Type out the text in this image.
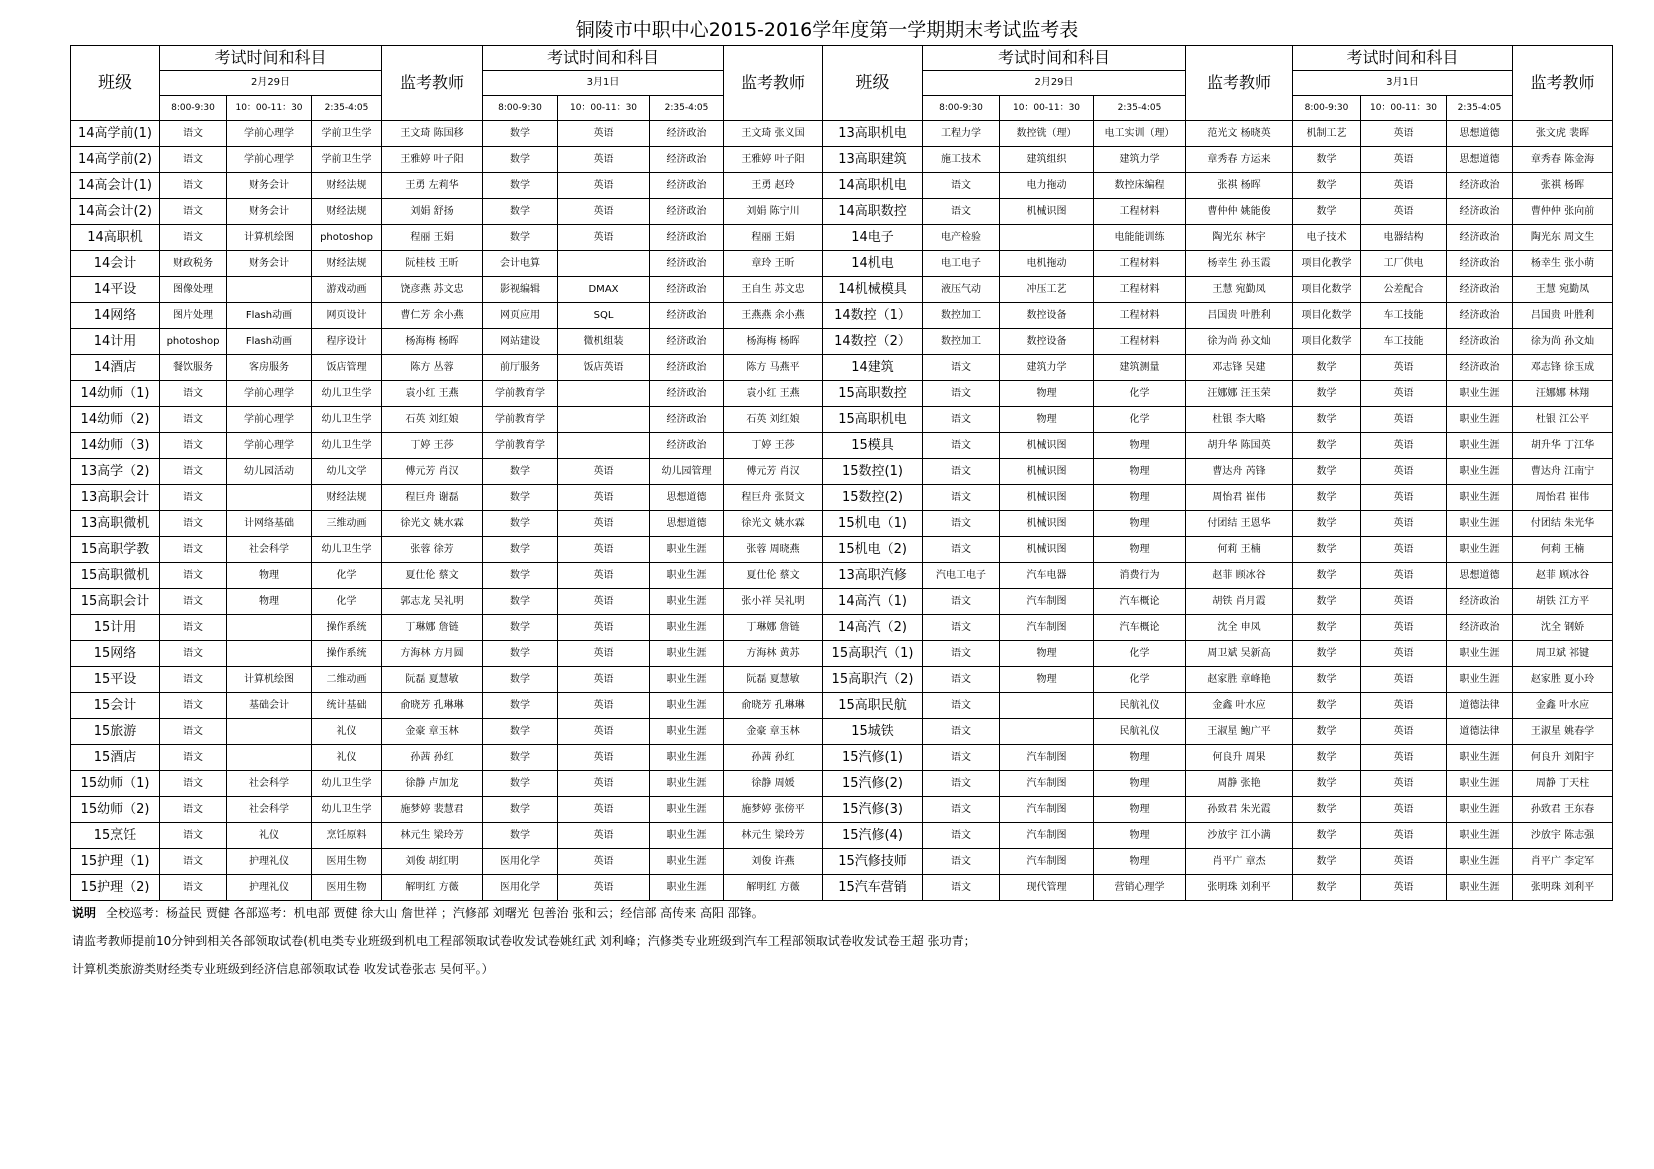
铜陵市中职中心2015-2016学年度第一学期期末考试监考表
班级	考试时间和科目			监考教师	考试时间和科目			监考教师	班级	考试时间和科目			监考教师	考试时间和科目			监考教师
	2月29日				3月1日					2月29日				3月1日			
	8:00-9:30	10：00-11：30	2:35-4:05		8:00-9:30	10：00-11：30	2:35-4:05			8:00-9:30	10：00-11：30	2:35-4:05		8:00-9:30	10：00-11：30	2:35-4:05	
14高学前(1)	语文	学前心理学	学前卫生学	王文琦 陈国移	数学	英语	经济政治	王文琦 张义国	13高职机电	工程力学	数控铣（理）	电工实训（理）	范光文 杨晓英	机制工艺	英语	思想道德	张文虎 裴晖
14高学前(2)	语文	学前心理学	学前卫生学	王雅婷 叶子阳	数学	英语	经济政治	王雅婷 叶子阳	13高职建筑	施工技术	建筑组织	建筑力学	章秀春 方运来	数学	英语	思想道德	章秀春 陈金海
14高会计(1)	语文	财务会计	财经法规	王勇 左莉华	数学	英语	经济政治	王勇 赵玲	14高职机电	语文	电力拖动	数控床编程	张祺 杨晖	数学	英语	经济政治	张祺 杨晖
14高会计(2)	语文	财务会计	财经法规	刘娟 舒扬	数学	英语	经济政治	刘娟 陈宁川	14高职数控	语文	机械识图	工程材料	曹仲仲 姚能俊	数学	英语	经济政治	曹仲仲 张向前
14高职机	语文	计算机绘图	photoshop	程丽 王娟	数学	英语	经济政治	程丽 王娟	14电子	电产检验		电能能训练	陶光东 林宇	电子技术	电器结构	经济政治	陶光东 周文生
14会计	财政税务	财务会计	财经法规	阮桂枝 王昕	会计电算		经济政治	章玲 王昕	14机电	电工电子	电机拖动	工程材料	杨幸生 孙玉霞	项目化教学	工厂供电	经济政治	杨幸生 张小萌
14平设	图像处理		游戏动画	饶彦燕 苏文忠	影视编辑	DMAX	经济政治	王自生 苏文忠	14机械模具	液压气动	冲压工艺	工程材料	王慧 宛勤凤	项目化数学	公差配合	经济政治	王慧 宛勤凤
14网络	图片处理	Flash动画	网页设计	曹仁芳 余小燕	网页应用	SQL	经济政治	王燕燕 余小燕	14数控（1）	数控加工	数控设备	工程材料	吕国贵 叶胜利	项目化数学	车工技能	经济政治	吕国贵 叶胜利
14计用	photoshop	Flash动画	程序设计	杨海梅 杨晖	网站建设	微机组装	经济政治	杨海梅 杨晖	14数控（2）	数控加工	数控设备	工程材料	徐为尚 孙文灿	项目化数学	车工技能	经济政治	徐为尚 孙文灿
14酒店	餐饮服务	客房服务	饭店管理	陈方 丛蓉	前厅服务	饭店英语	经济政治	陈方 马燕平	14建筑	语文	建筑力学	建筑测量	邓志锋 吴建	数学	英语	经济政治	邓志锋 徐玉成
14幼师（1)	语文	学前心理学	幼儿卫生学	袁小红 王燕	学前教育学		经济政治	袁小红 王燕	15高职数控	语文	物理	化学	汪娜娜 汪玉荣	数学	英语	职业生涯	汪娜娜 林翔
14幼师（2)	语文	学前心理学	幼儿卫生学	石英 刘红娘	学前教育学		经济政治	石英 刘红娘	15高职机电	语文	物理	化学	杜银 李大略	数学	英语	职业生涯	杜银 江公平
14幼师（3)	语文	学前心理学	幼儿卫生学	丁婷 王莎	学前教育学		经济政治	丁婷 王莎	15模具	语文	机械识图	物理	胡升华 陈国英	数学	英语	职业生涯	胡升华 丁江华
13高学（2)	语文	幼儿园活动	幼儿文学	傅元芳 肖汉	数学	英语	幼儿园管理	傅元芳 肖汉	15数控(1)	语文	机械识图	物理	曹达舟 芮锋	数学	英语	职业生涯	曹达舟 江南宁
13高职会计	语文		财经法规	程巨舟 谢磊	数学	英语	思想道德	程巨舟 张贤文	15数控(2)	语文	机械识图	物理	周怡君 崔伟	数学	英语	职业生涯	周怡君 崔伟
13高职微机	语文	计网络基础	三维动画	徐光文 姚水霖	数学	英语	思想道德	徐光文 姚水霖	15机电（1)	语文	机械识图	物理	付团结 王恩华	数学	英语	职业生涯	付团结 朱光华
15高职学教	语文	社会科学	幼儿卫生学	张蓉 徐芳	数学	英语	职业生涯	张蓉 周晓燕	15机电（2)	语文	机械识图	物理	何莉 王楠	数学	英语	职业生涯	何莉 王楠
15高职微机	语文	物理	化学	夏仕伦 蔡文	数学	英语	职业生涯	夏仕伦 蔡文	13高职汽修	汽电工电子	汽车电器	消费行为	赵菲 顾冰谷	数学	英语	思想道德	赵菲 顾冰谷
15高职会计	语文	物理	化学	郭志龙 吴礼明	数学	英语	职业生涯	张小祥 吴礼明	14高汽（1)	语文	汽车制图	汽车概论	胡铁 肖月霞	数学	英语	经济政治	胡铁 江方平
15计用	语文		操作系统	丁琳娜 詹链	数学	英语	职业生涯	丁琳娜 詹链	14高汽（2)	语文	汽车制图	汽车概论	沈全 申凤	数学	英语	经济政治	沈全 钢娇
15网络	语文		操作系统	方海林 方月圆	数学	英语	职业生涯	方海林 黄苏	15高职汽（1)	语文	物理	化学	周卫斌 吴新高	数学	英语	职业生涯	周卫斌 祁键
15平设	语文	计算机绘图	二维动画	阮磊 夏慧敏	数学	英语	职业生涯	阮磊 夏慧敏	15高职汽（2)	语文	物理	化学	赵家胜 章峰艳	数学	英语	职业生涯	赵家胜 夏小玲
15会计	语文	基础会计	统计基础	俞晓芳 孔琳琳	数学	英语	职业生涯	俞晓芳 孔琳琳	15高职民航	语文		民航礼仪	金鑫 叶水应	数学	英语	道德法律	金鑫 叶水应
15旅游	语文		礼仪	金豪 章玉林	数学	英语	职业生涯	金豪 章玉林	15城铁	语文		民航礼仪	王淑星 鲍广平	数学	英语	道德法律	王淑星 姚春学
15酒店	语文		礼仪	孙茜 孙红	数学	英语	职业生涯	孙茜 孙红	15汽修(1)	语文	汽车制图	物理	何良升 周果	数学	英语	职业生涯	何良升 刘阳宇
15幼师（1)	语文	社会科学	幼儿卫生学	徐静 卢加龙	数学	英语	职业生涯	徐静 周媛	15汽修(2)	语文	汽车制图	物理	周静 张艳	数学	英语	职业生涯	周静 丁天柱
15幼师（2)	语文	社会科学	幼儿卫生学	施梦婷 裴慧君	数学	英语	职业生涯	施梦婷 张傍平	15汽修(3)	语文	汽车制图	物理	孙致君 朱光霞	数学	英语	职业生涯	孙致君 王东春
15烹饪	语文	礼仪	烹饪原料	林元生 梁玲芳	数学	英语	职业生涯	林元生 梁玲芳	15汽修(4)	语文	汽车制图	物理	沙放宇 江小满	数学	英语	职业生涯	沙放宇 陈志强
15护理（1)	语文	护理礼仪	医用生物	刘俊 胡红明	医用化学	英语	职业生涯	刘俊 许燕	15汽修技师	语文	汽车制图	物理	肖平广 章杰	数学	英语	职业生涯	肖平广 李定军
15护理（2)	语文	护理礼仪	医用生物	解明红 方薇	医用化学	英语	职业生涯	解明红 方薇	15汽车营销	语文	现代管理	营销心理学	张明珠 刘利平	数学	英语	职业生涯	张明珠 刘利平
说明 全校巡考：杨益民 贾健 各部巡考：机电部 贾健 徐大山 詹世祥 ；汽修部 刘曙光 包善治 张和云；经信部 高传来 高阳 邵锋。
请监考教师提前10分钟到相关各部领取试卷(机电类专业班级到机电工程部领取试卷收发试卷姚红武 刘利峰；汽修类专业班级到汽车工程部领取试卷收发试卷王超 张功青；
计算机类旅游类财经类专业班级到经济信息部领取试卷 收发试卷张志 吴何平。）
